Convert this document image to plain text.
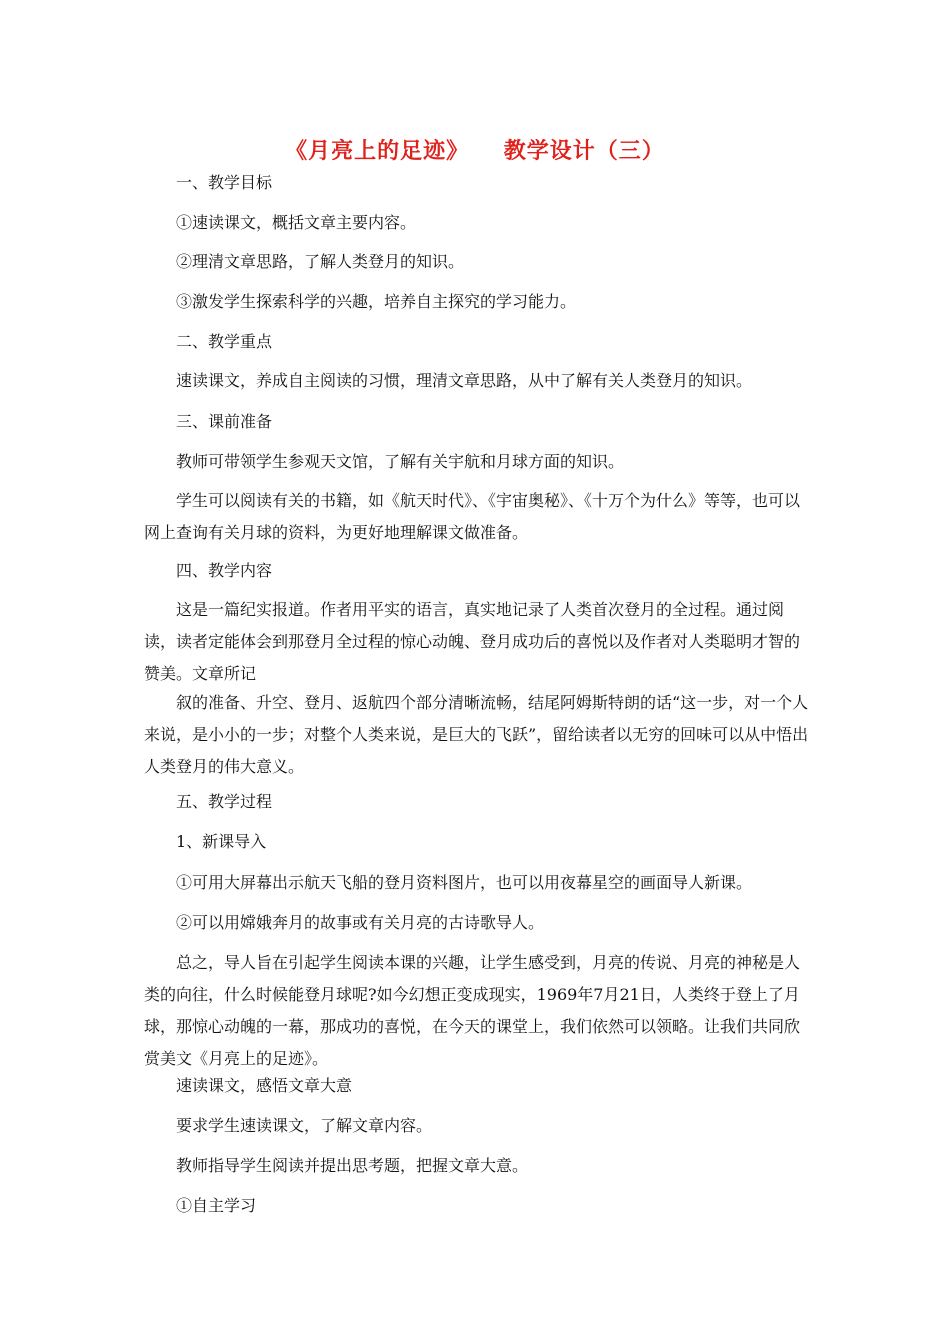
《月亮上的足迹》    教学设计（三）

一、教学目标

①速读课文，概括文章主要内容。

②理清文章思路，了解人类登月的知识。

③激发学生探索科学的兴趣，培养自主探究的学习能力。

二、教学重点

速读课文，养成自主阅读的习惯，理清文章思路，从中了解有关人类登月的知识。

三、课前准备

教师可带领学生参观天文馆，了解有关宇航和月球方面的知识。

学生可以阅读有关的书籍，如《航天时代》、《宇宙奥秘》、《十万个为什么》等等，也可以网上查询有关月球的资料，为更好地理解课文做准备。

四、教学内容

这是一篇纪实报道。作者用平实的语言，真实地记录了人类首次登月的全过程。通过阅读，读者定能体会到那登月全过程的惊心动魄、登月成功后的喜悦以及作者对人类聪明才智的赞美。文章所记

叙的准备、升空、登月、返航四个部分清晰流畅，结尾阿姆斯特朗的话“这一步，对一个人来说，是小小的一步；对整个人类来说，是巨大的飞跃”，留给读者以无穷的回味可以从中悟出人类登月的伟大意义。

五、教学过程

1、新课导入

①可用大屏幕出示航天飞船的登月资料图片，也可以用夜幕星空的画面导人新课。

②可以用嫦娥奔月的故事或有关月亮的古诗歌导人。

总之，导人旨在引起学生阅读本课的兴趣，让学生感受到，月亮的传说、月亮的神秘是人类的向往，什么时候能登月球呢?如今幻想正变成现实，1969年7月21日，人类终于登上了月球，那惊心动魄的一幕，那成功的喜悦，在今天的课堂上，我们依然可以领略。让我们共同欣赏美文《月亮上的足迹》。

速读课文，感悟文章大意

要求学生速读课文，了解文章内容。

教师指导学生阅读并提出思考题，把握文章大意。

①自主学习
